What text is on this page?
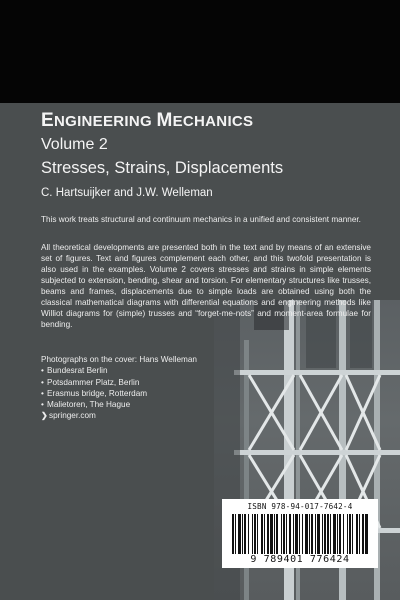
ENGINEERING MECHANICS
Volume 2
Stresses, Strains, Displacements
C. Hartsuijker and J.W. Welleman
This work treats structural and continuum mechanics in a unified and consistent manner.
All theoretical developments are presented both in the text and by means of an extensive set of figures. Text and figures complement each other, and this twofold presentation is also used in the examples. Volume 2 covers stresses and strains in simple elements subjected to extension, bending, shear and torsion. For elementary structures like trusses, beams and frames, displacements due to simple loads are obtained using both the classical mathematical diagrams with differential equations and engineering methods like Williot diagrams for (simple) trusses and “forget-me-nots” and moment-area formulae for bending.
Photographs on the cover: Hans Welleman
• Bundesrat Berlin
• Potsdammer Platz, Berlin
• Erasmus bridge, Rotterdam
• Malietoren, The Hague
❯springer.com
ISBN 978-94-017-7642-4
9 789401 776424
